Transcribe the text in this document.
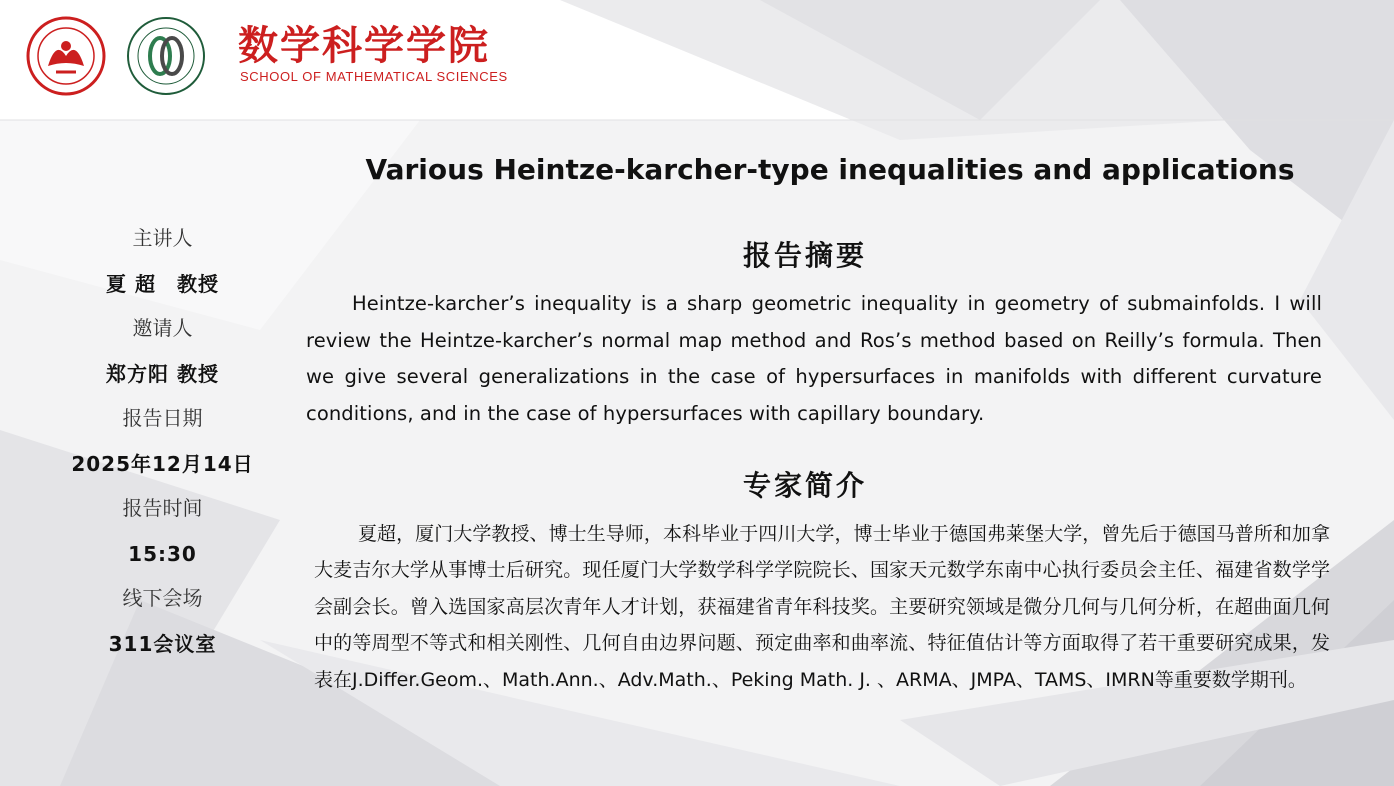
数学科学学院
SCHOOL OF MATHEMATICAL SCIENCES
Various Heintze-karcher-type inequalities and applications
主讲人
夏 超　教授
邀请人
郑方阳 教授
报告日期
2025年12月14日
报告时间
15:30
线下会场
311会议室
报告摘要
Heintze-karcher’s inequality is a sharp geometric inequality in geometry of submainfolds. I will review the Heintze-karcher’s normal map method and Ros’s method based on Reilly’s formula. Then we give several generalizations in the case of hypersurfaces in manifolds with different curvature conditions, and in the case of hypersurfaces with capillary boundary.
专家简介
夏超，厦门大学教授、博士生导师，本科毕业于四川大学，博士毕业于德国弗莱堡大学，曾先后于德国马普所和加拿大麦吉尔大学从事博士后研究。现任厦门大学数学科学学院院长、国家天元数学东南中心执行委员会主任、福建省数学学会副会长。曾入选国家高层次青年人才计划，获福建省青年科技奖。主要研究领域是微分几何与几何分析，在超曲面几何中的等周型不等式和相关刚性、几何自由边界问题、预定曲率和曲率流、特征值估计等方面取得了若干重要研究成果，发表在J.Differ.Geom.、Math.Ann.、Adv.Math.、Peking Math. J. 、ARMA、JMPA、TAMS、IMRN等重要数学期刊。
